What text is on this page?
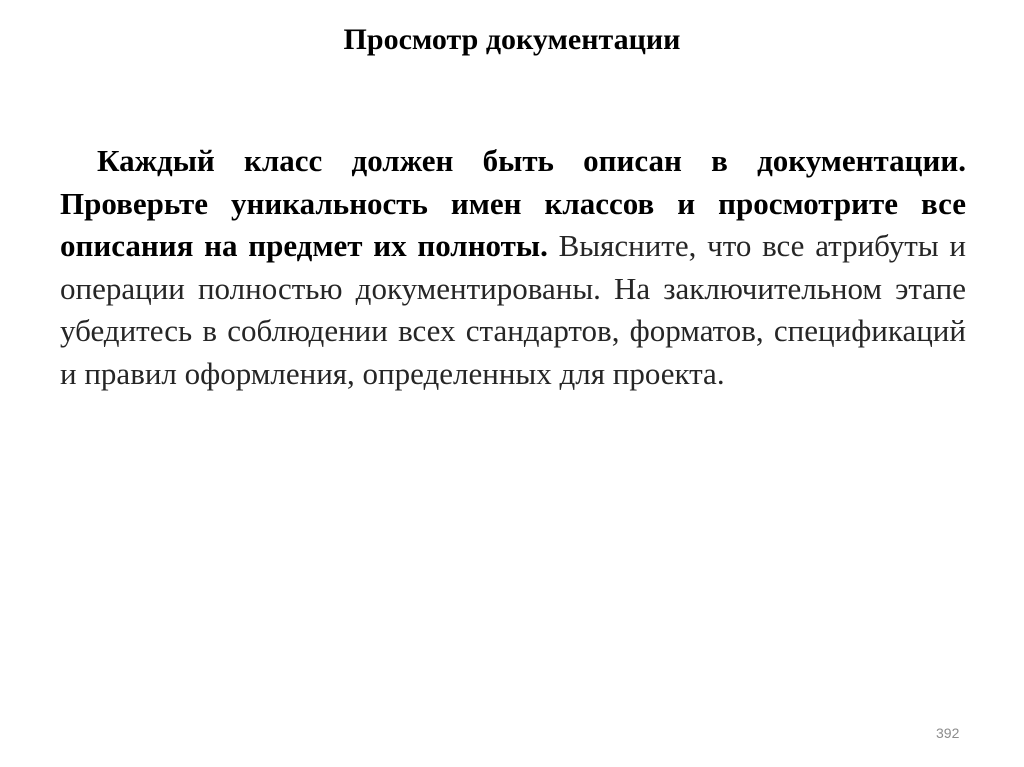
Просмотр документации

Каждый класс должен быть описан в документации. Проверьте уникальность имен классов и просмотрите все описания на предмет их полноты. Выясните, что все атрибуты и операции полностью документированы. На заключительном этапе убедитесь в соблюдении всех стандартов, форматов, спецификаций и правил оформления, определенных для проекта.

392
